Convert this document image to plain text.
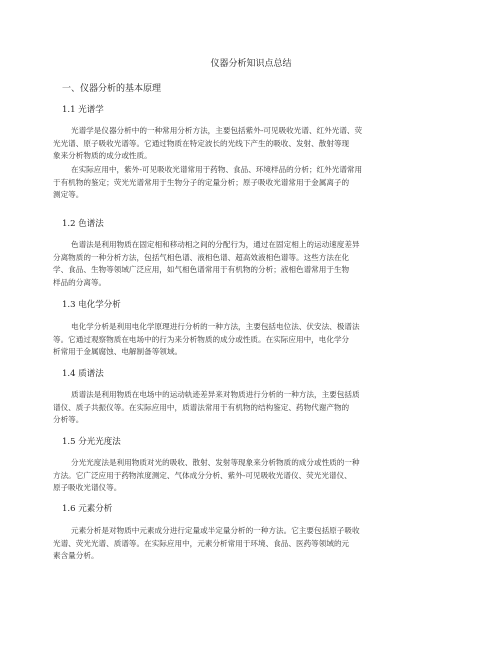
仪器分析知识点总结
一、仪器分析的基本原理
1.1 光谱学

光谱学是仪器分析中的一种常用分析方法，主要包括紫外-可见吸收光谱、红外光谱、荧
光光谱、原子吸收光谱等。它通过物质在特定波长的光线下产生的吸收、发射、散射等现
象来分析物质的成分或性质。

在实际应用中，紫外-可见吸收光谱常用于药物、食品、环境样品的分析；红外光谱常用
于有机物的鉴定；荧光光谱常用于生物分子的定量分析；原子吸收光谱常用于金属离子的
测定等。

1.2 色谱法

色谱法是利用物质在固定相和移动相之间的分配行为，通过在固定相上的运动速度差异
分离物质的一种分析方法，包括气相色谱、液相色谱、超高效液相色谱等。这些方法在化
学、食品、生物等领域广泛应用，如气相色谱常用于有机物的分析；液相色谱常用于生物
样品的分离等。

1.3 电化学分析

电化学分析是利用电化学原理进行分析的一种方法，主要包括电位法、伏安法、极谱法
等。它通过观察物质在电场中的行为来分析物质的成分或性质。在实际应用中，电化学分
析常用于金属腐蚀、电解制备等领域。

1.4 质谱法

质谱法是利用物质在电场中的运动轨迹差异来对物质进行分析的一种方法，主要包括质
谱仪、质子共振仪等。在实际应用中，质谱法常用于有机物的结构鉴定、药物代谢产物的
分析等。

1.5 分光光度法

分光光度法是利用物质对光的吸收、散射、发射等现象来分析物质的成分或性质的一种
方法。它广泛应用于药物浓度测定、气体成分分析、紫外-可见吸收光谱仪、荧光光谱仪、
原子吸收光谱仪等。

1.6 元素分析

元素分析是对物质中元素成分进行定量或半定量分析的一种方法。它主要包括原子吸收
光谱、荧光光谱、质谱等。在实际应用中，元素分析常用于环境、食品、医药等领域的元
素含量分析。
